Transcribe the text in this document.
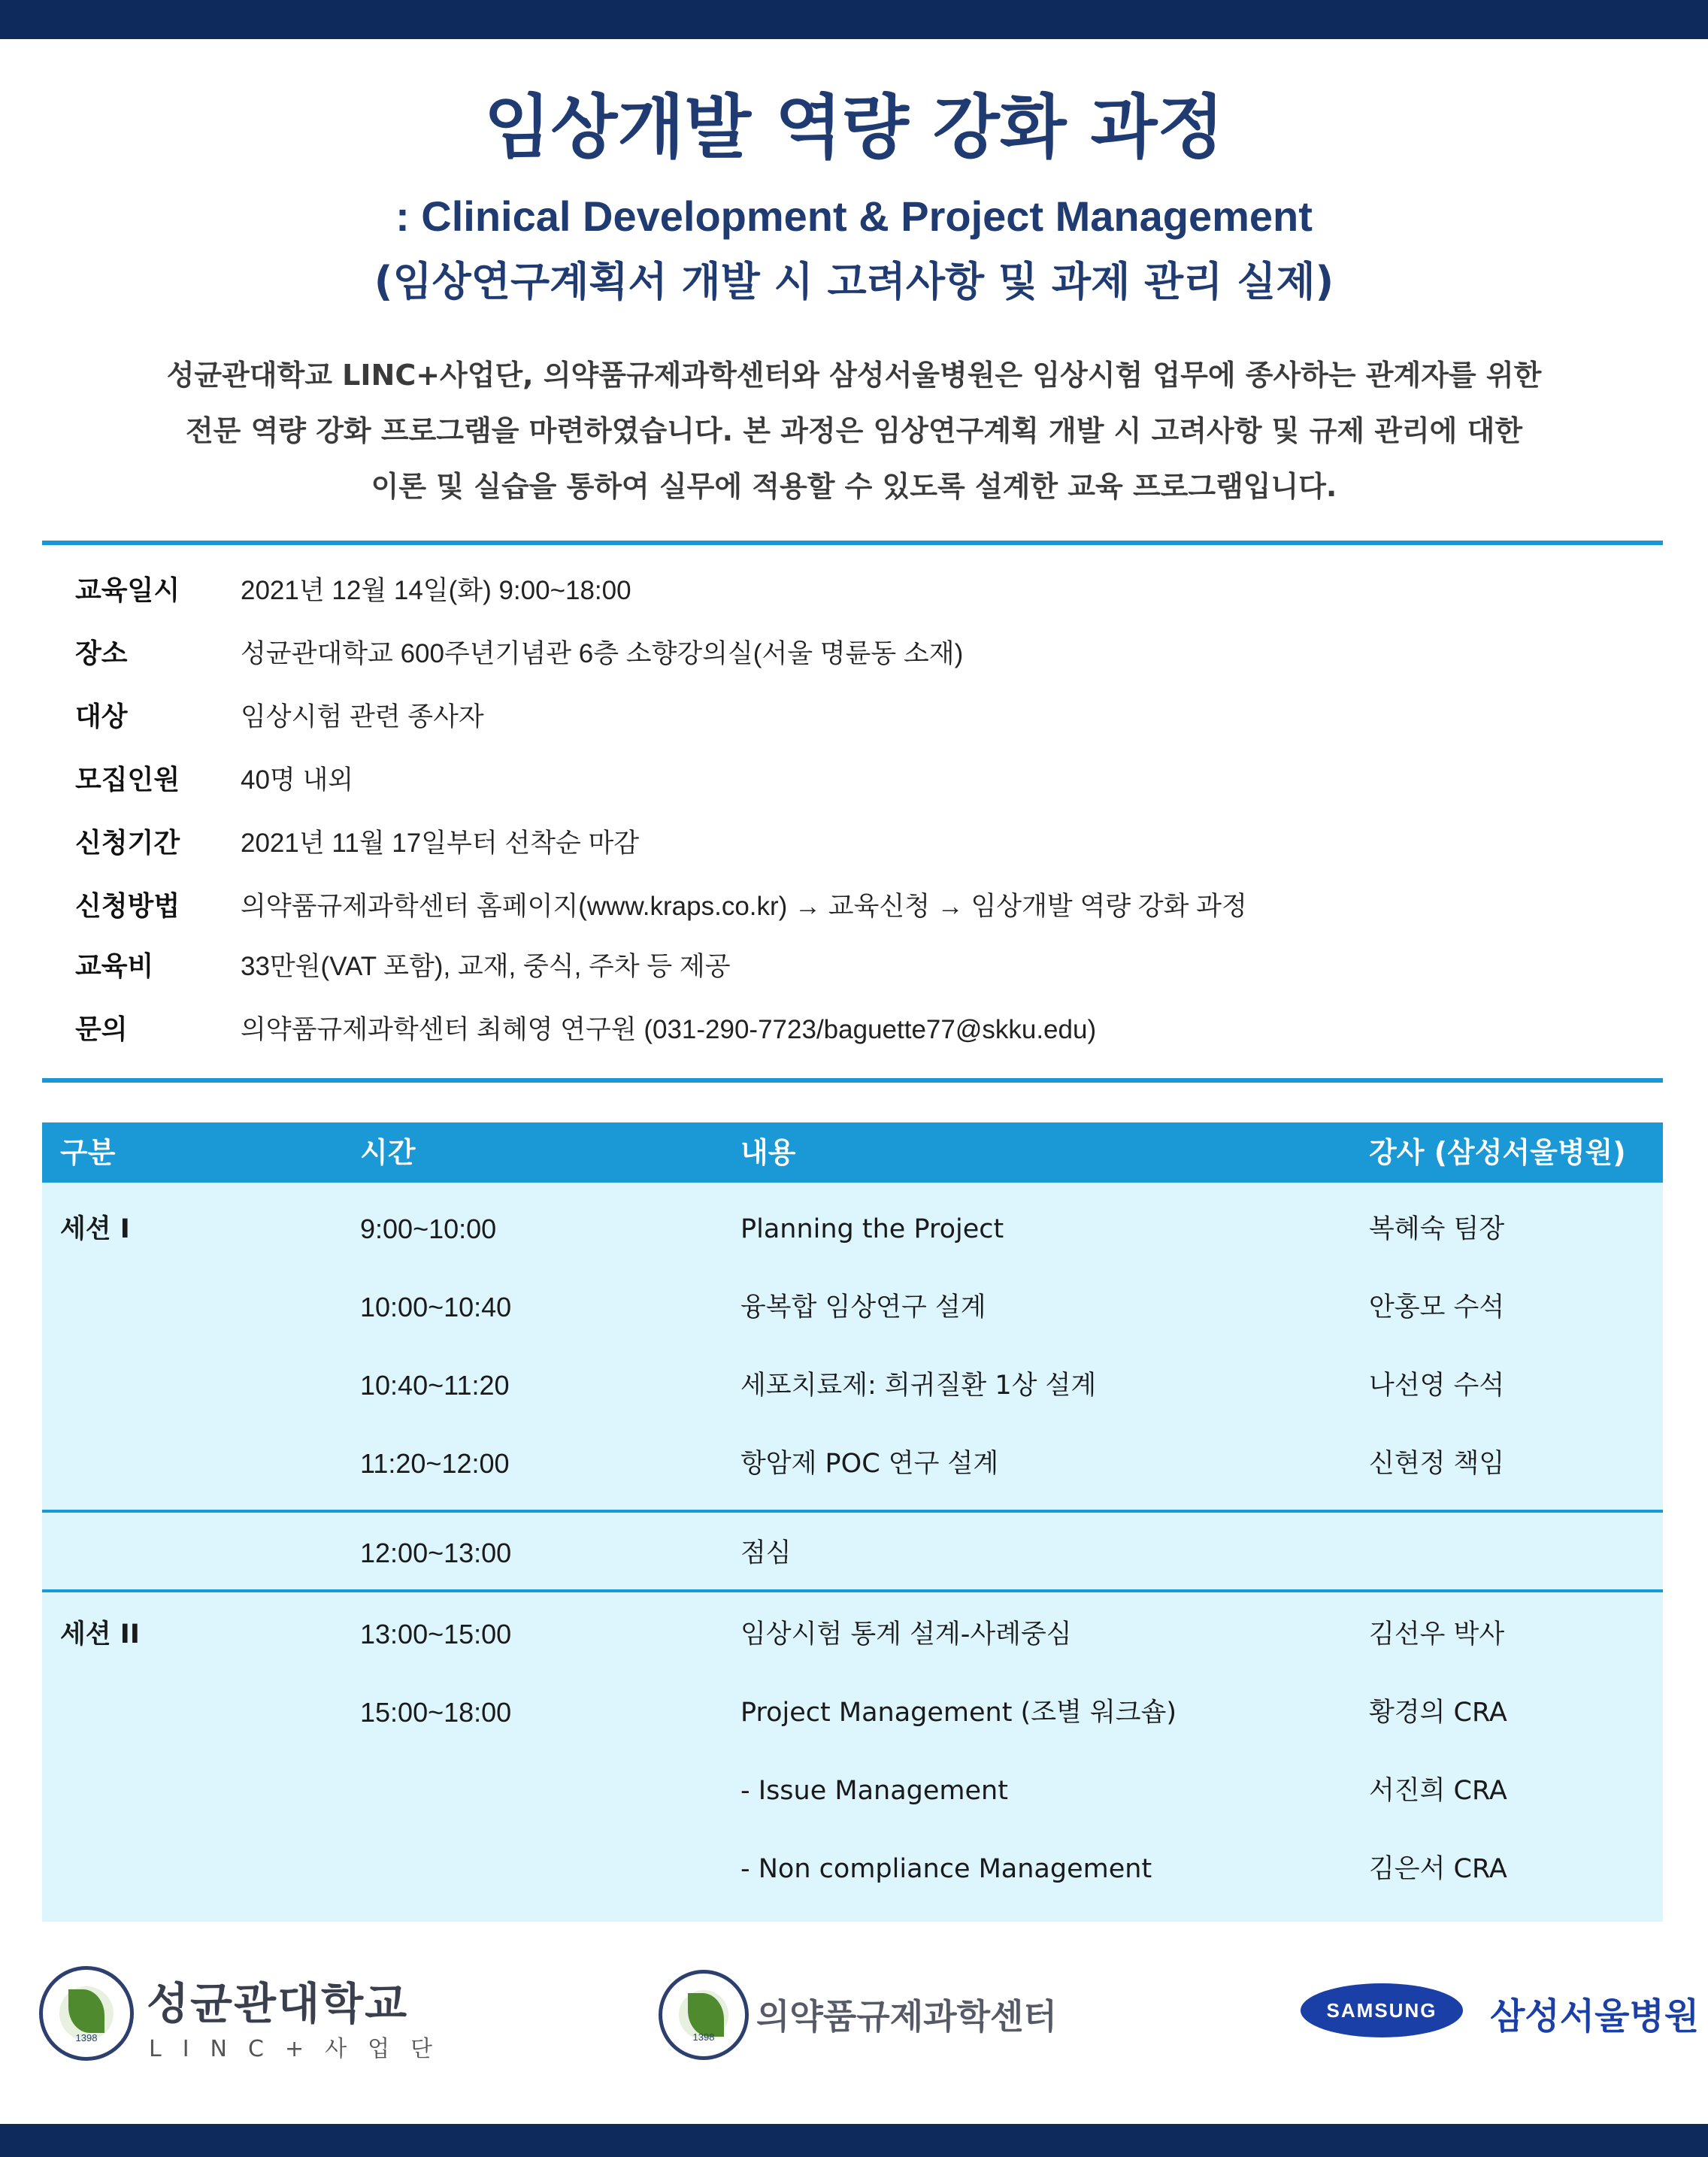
임상개발 역량 강화 과정
: Clinical Development & Project Management
(임상연구계획서 개발 시 고려사항 및 과제 관리 실제)
성균관대학교 LINC+사업단, 의약품규제과학센터와 삼성서울병원은 임상시험 업무에 종사하는 관계자를 위한
전문 역량 강화 프로그램을 마련하였습니다. 본 과정은 임상연구계획 개발 시 고려사항 및 규제 관리에 대한
이론 및 실습을 통하여 실무에 적용할 수 있도록 설계한 교육 프로그램입니다.
교육일시 2021년 12월 14일(화) 9:00~18:00
장소	성균관대학교 600주년기념관 6층 소향강의실(서울 명륜동 소재)
대상	임상시험 관련 종사자
모집인원 40명 내외
신청기간 2021년 11월 17일부터 선착순 마감
신청방법 의약품규제과학센터 홈페이지(www.kraps.co.kr) → 교육신청 → 임상개발 역량 강화 과정
교육비	33만원(VAT 포함), 교재, 중식, 주차 등 제공
문의	의약품규제과학센터 최혜영 연구원 (031-290-7723/baguette77@skku.edu)
구분	시간	내용	강사 (삼성서울병원)
세션 I	9:00~10:00	Planning the Project	복혜숙 팀장
10:00~10:40	융복합 임상연구 설계	안홍모 수석
10:40~11:20	세포치료제: 희귀질환 1상 설계	나선영 수석
11:20~12:00	항암제 POC 연구 설계	신현정 책임
12:00~13:00	점심
세션 II	13:00~15:00	임상시험 통계 설계-사례중심	김선우 박사
15:00~18:00	Project Management (조별 워크숍)	황경의 CRA
- Issue Management	서진희 CRA
- Non compliance Management	김은서 CRA
1398
성균관대학교
LINC+사업단	1398
의약품규제과학센터	SAMSUNG	삼성서울병원
